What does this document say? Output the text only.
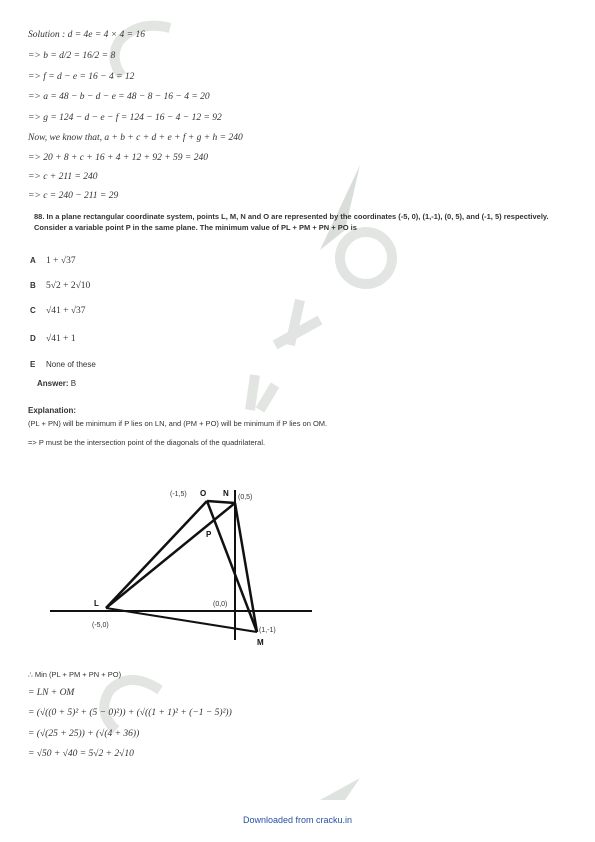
Solution : d = 4e = 4 × 4 = 16
=> b = d/2 = 16/2 = 8
=> f = d − e = 16 − 4 = 12
=> a = 48 − b − d − e = 48 − 8 − 16 − 4 = 20
=> g = 124 − d − e − f = 124 − 16 − 4 − 12 = 92
Now, we know that, a + b + c + d + e + f + g + h = 240
=> 20 + 8 + c + 16 + 4 + 12 + 92 + 59 = 240
=> c + 211 = 240
=> c = 240 − 211 = 29
88. In a plane rectangular coordinate system, points L, M, N and O are represented by the coordinates (-5, 0), (1,-1), (0, 5), and (-1, 5) respectively. Consider a variable point P in the same plane. The minimum value of PL + PM + PN + PO is
A 1 + √37
B 5√2 + 2√10
C √41 + √37
D √41 + 1
E None of these
Answer: B
Explanation:
(PL + PN) will be minimum if P lies on LN, and (PM + PO) will be minimum if P lies on OM.
=> P must be the intersection point of the diagonals of the quadrilateral.
(-1,5) O N (0,5)
P
(0,0)
L
(-5,0)
(1,-1)
M
∴ Min (PL + PM + PN + PO)
= LN + OM
= (√((0 + 5)² + (5 − 0)²)) + (√((1 + 1)² + (−1 − 5)²))
= (√(25 + 25)) + (√(4 + 36))
= √50 + √40 = 5√2 + 2√10
Downloaded from cracku.in
